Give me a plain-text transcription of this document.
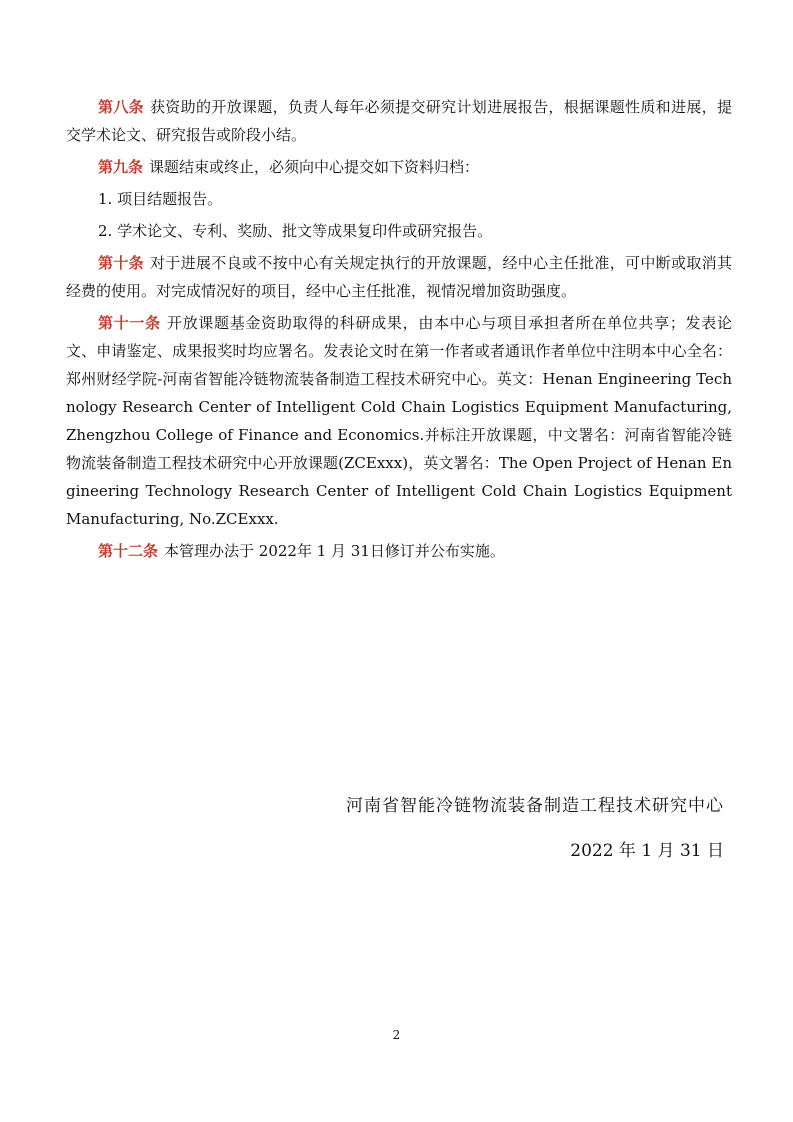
第八条 获资助的开放课题，负责人每年必须提交研究计划进展报告，根据课题性质和进展，提交学术论文、研究报告或阶段小结。

第九条 课题结束或终止，必须向中心提交如下资料归档：

1. 项目结题报告。

2. 学术论文、专利、奖励、批文等成果复印件或研究报告。

第十条 对于进展不良或不按中心有关规定执行的开放课题，经中心主任批准，可中断或取消其经费的使用。对完成情况好的项目，经中心主任批准，视情况增加资助强度。

第十一条 开放课题基金资助取得的科研成果，由本中心与项目承担者所在单位共享；发表论文、申请鉴定、成果报奖时均应署名。发表论文时在第一作者或者通讯作者单位中注明本中心全名：郑州财经学院-河南省智能冷链物流装备制造工程技术研究中心。英文：Henan Engineering Technology Research Center of Intelligent Cold Chain Logistics Equipment Manufacturing, Zhengzhou College of Finance and Economics.并标注开放课题，中文署名：河南省智能冷链物流装备制造工程技术研究中心开放课题(ZCExxx)，英文署名：The Open Project of Henan Engineering Technology Research Center of Intelligent Cold Chain Logistics Equipment Manufacturing, No.ZCExxx.

第十二条 本管理办法于 2022年 1 月 31日修订并公布实施。

河南省智能冷链物流装备制造工程技术研究中心
2022 年 1 月 31 日
2
